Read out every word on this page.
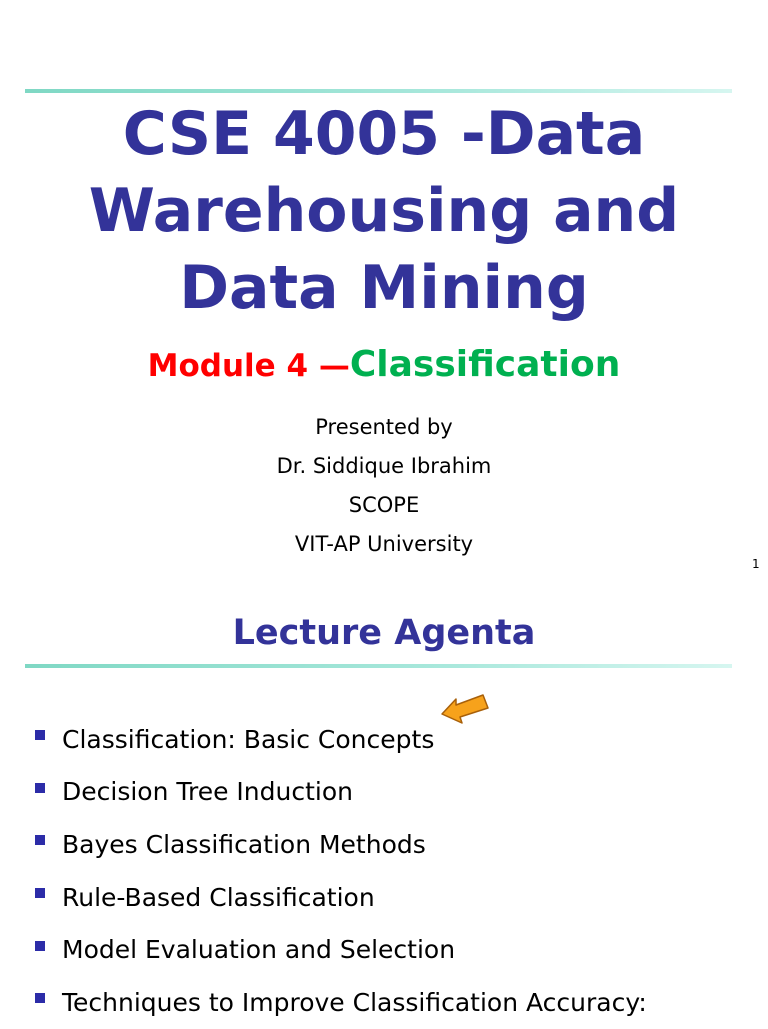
CSE 4005 -Data
Warehousing and
Data Mining
Module 4 —Classification
Presented by
Dr. Siddique Ibrahim
SCOPE
VIT-AP University
1
Lecture Agenta
Classification: Basic Concepts
Decision Tree Induction
Bayes Classification Methods
Rule-Based Classification
Model Evaluation and Selection
Techniques to Improve Classification Accuracy:
